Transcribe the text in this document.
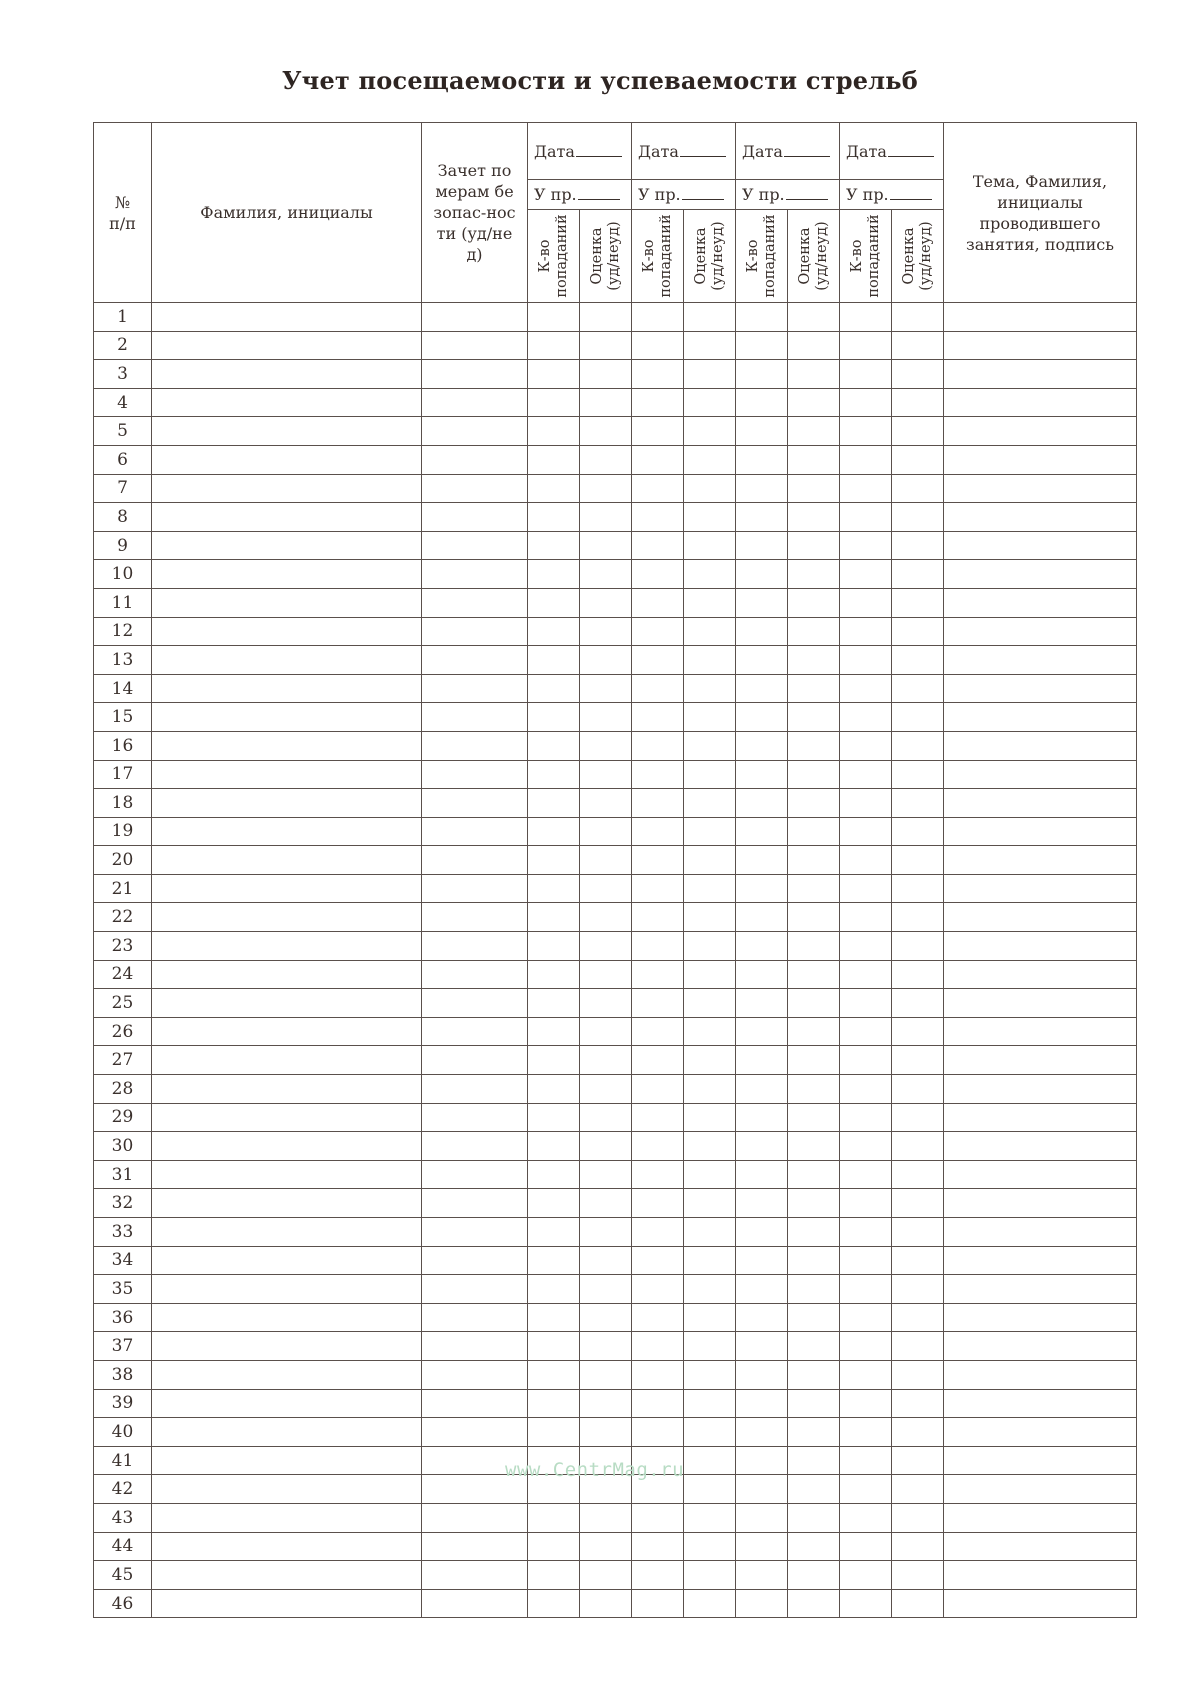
Учет посещаемости и успеваемости стрельб
№ п/п	Фамилия, инициалы	Зачет по мерам безопас-ности (уд/нед)	Дата		Дата		Дата		Дата		Тема, Фамилия, инициалы проводившего занятия, подпись
			У пр.		У пр.		У пр.		У пр.		

			К-во попаданий	Оценка (уд/неуд)	К-во попаданий	Оценка (уд/неуд)	К-во попаданий	Оценка (уд/неуд)	К-во попаданий	Оценка (уд/неуд)	

1											
2											
3											
4											
5											
6											
7											
8											
9											
10											
11											
12											
13											
14											
15											
16											
17											
18											
19											
20											
21											
22											
23											
24											
25											
26											
27											
28											
29											
30											
31											
32											
33											
34											
35											
36											
37											
38											
39											
40											
41											
42											
43											
44											
45											
46											
www.CentrMag.ru
